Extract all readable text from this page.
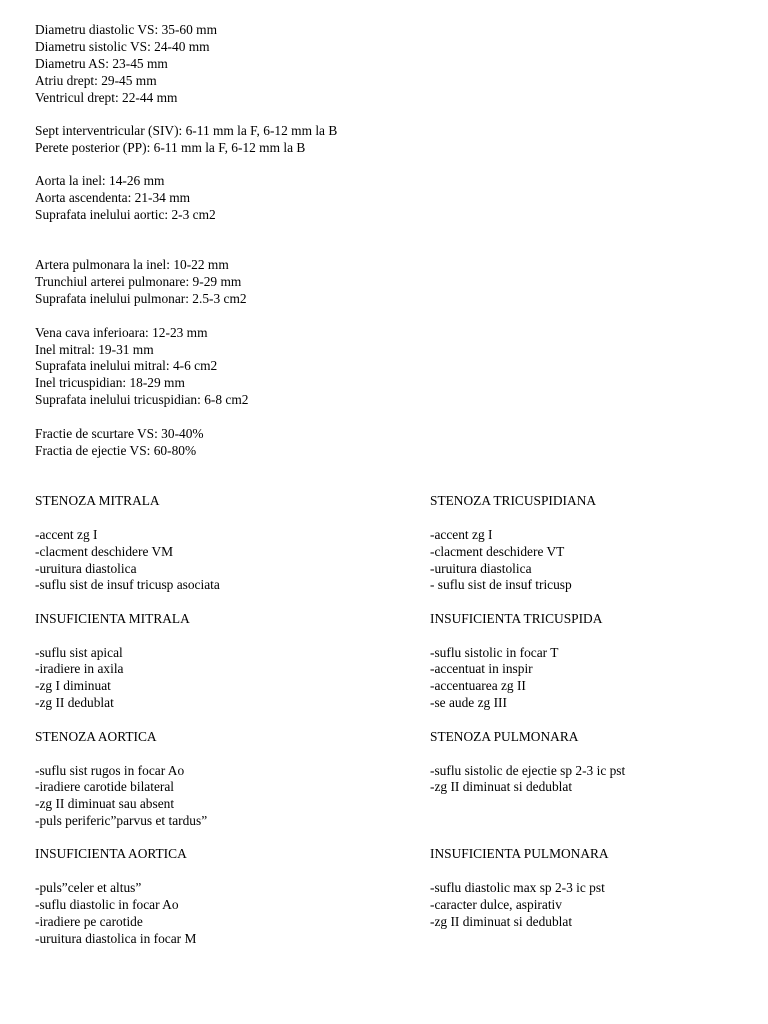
Diametru diastolic VS: 35-60 mm
Diametru sistolic VS: 24-40 mm
Diametru AS: 23-45 mm
Atriu drept: 29-45 mm
Ventricul drept: 22-44 mm
Sept interventricular (SIV): 6-11 mm la F, 6-12 mm la B
Perete posterior (PP): 6-11 mm la F, 6-12 mm la B
Aorta la inel: 14-26 mm
Aorta ascendenta: 21-34 mm
Suprafata inelului aortic: 2-3 cm2
Artera pulmonara la inel: 10-22 mm
Trunchiul arterei pulmonare: 9-29 mm
Suprafata inelului pulmonar: 2.5-3 cm2
Vena cava inferioara: 12-23 mm
Inel mitral: 19-31 mm
Suprafata inelului mitral: 4-6 cm2
Inel tricuspidian: 18-29 mm
Suprafata inelului tricuspidian: 6-8 cm2
Fractie de scurtare VS: 30-40%
Fractia de ejectie VS: 60-80%
STENOZA MITRALA
-accent zg I
-clacment deschidere VM
-uruitura diastolica
-suflu sist de insuf tricusp asociata
STENOZA TRICUSPIDIANA
-accent zg I
-clacment deschidere VT
-uruitura diastolica
- suflu sist de insuf tricusp
INSUFICIENTA MITRALA
-suflu sist apical
-iradiere in axila
-zg I diminuat
-zg II dedublat
INSUFICIENTA TRICUSPIDA
-suflu sistolic in focar T
-accentuat in inspir
-accentuarea zg II
-se aude zg III
STENOZA AORTICA
-suflu sist rugos in focar Ao
-iradiere carotide bilateral
-zg II diminuat sau absent
-puls periferic”parvus et tardus”
STENOZA PULMONARA
-suflu sistolic de ejectie sp 2-3 ic pst
-zg II diminuat si dedublat
INSUFICIENTA AORTICA
-puls”celer et altus”
-suflu diastolic in focar Ao
-iradiere pe carotide
-uruitura diastolica in focar M
INSUFICIENTA PULMONARA
-suflu diastolic max sp 2-3 ic pst
-caracter dulce, aspirativ
-zg II diminuat si dedublat
